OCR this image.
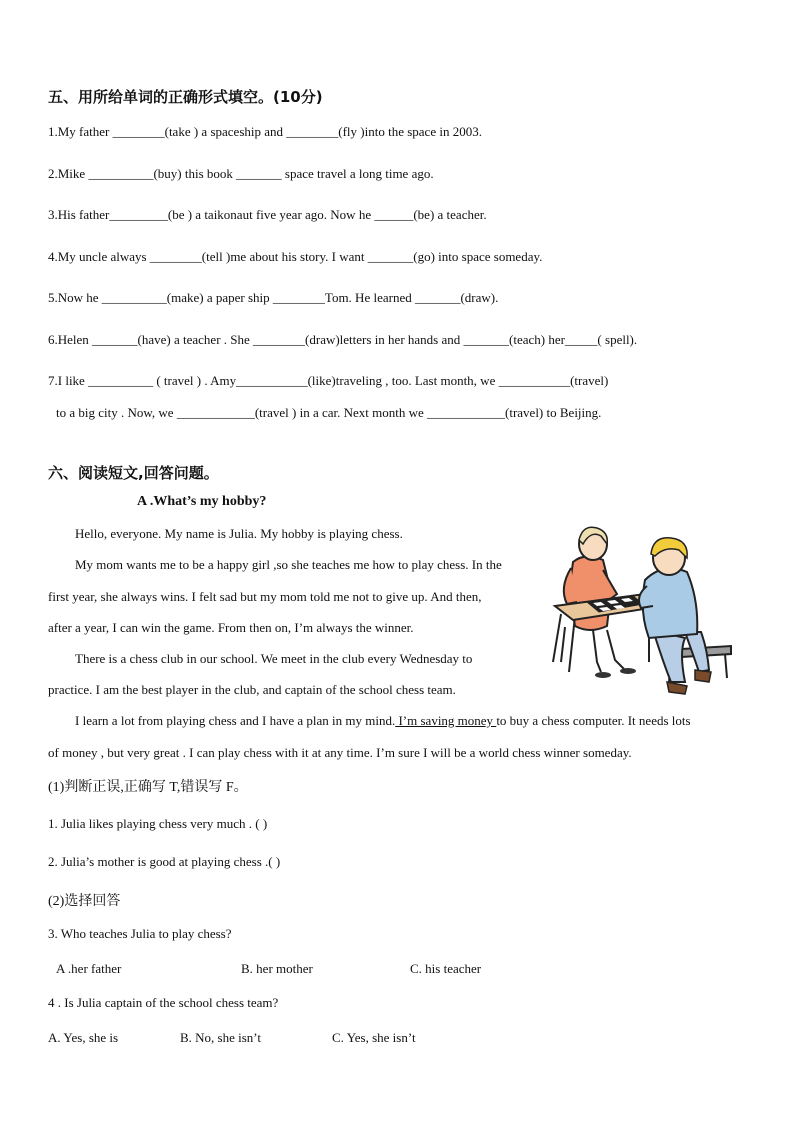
五、用所给单词的正确形式填空。(10分)
1.My father ________(take ) a spaceship and ________(fly )into the space in 2003.
2.Mike __________(buy) this book _______ space travel a long time ago.
3.His father_________(be ) a taikonaut five year ago. Now he ______(be) a teacher.
4.My uncle always ________(tell )me about his story. I want _______(go) into space someday.
5.Now he __________(make) a paper ship ________Tom. He learned _______(draw).
6.Helen _______(have) a teacher . She ________(draw)letters in her hands and _______(teach) her_____( spell).
7.I like __________ ( travel ) . Amy___________(like)traveling , too. Last month, we ___________(travel)
to a big city . Now, we ____________(travel ) in a car. Next month we ____________(travel) to Beijing.
六、阅读短文,回答问题。
A .What’s my hobby?
Hello, everyone. My name is Julia. My hobby is playing chess.
My mom wants me to be a happy girl ,so she teaches me how to play chess. In the
first year, she always wins. I felt sad but my mom told me not to give up. And then,
after a year, I can win the game. From then on, I’m always the winner.
There is a chess club in our school. We meet in the club every Wednesday to
practice. I am the best player in the club, and captain of the school chess team.
I learn a lot from playing chess and I have a plan in my mind. I’m saving money to buy a chess computer. It needs lots
of money , but very great . I can play chess with it at any time. I’m sure I will be a world chess winner someday.
(1)判断正误,正确写 T,错误写 F。
1. Julia likes playing chess very much . ( )
2. Julia’s mother is good at playing chess .( )
(2)选择回答
3. Who teaches Julia to play chess?
A .her father	B. her mother	C. his teacher
4 . Is Julia captain of the school chess team?
A. Yes, she is	B. No, she isn’t	C. Yes, she isn’t
